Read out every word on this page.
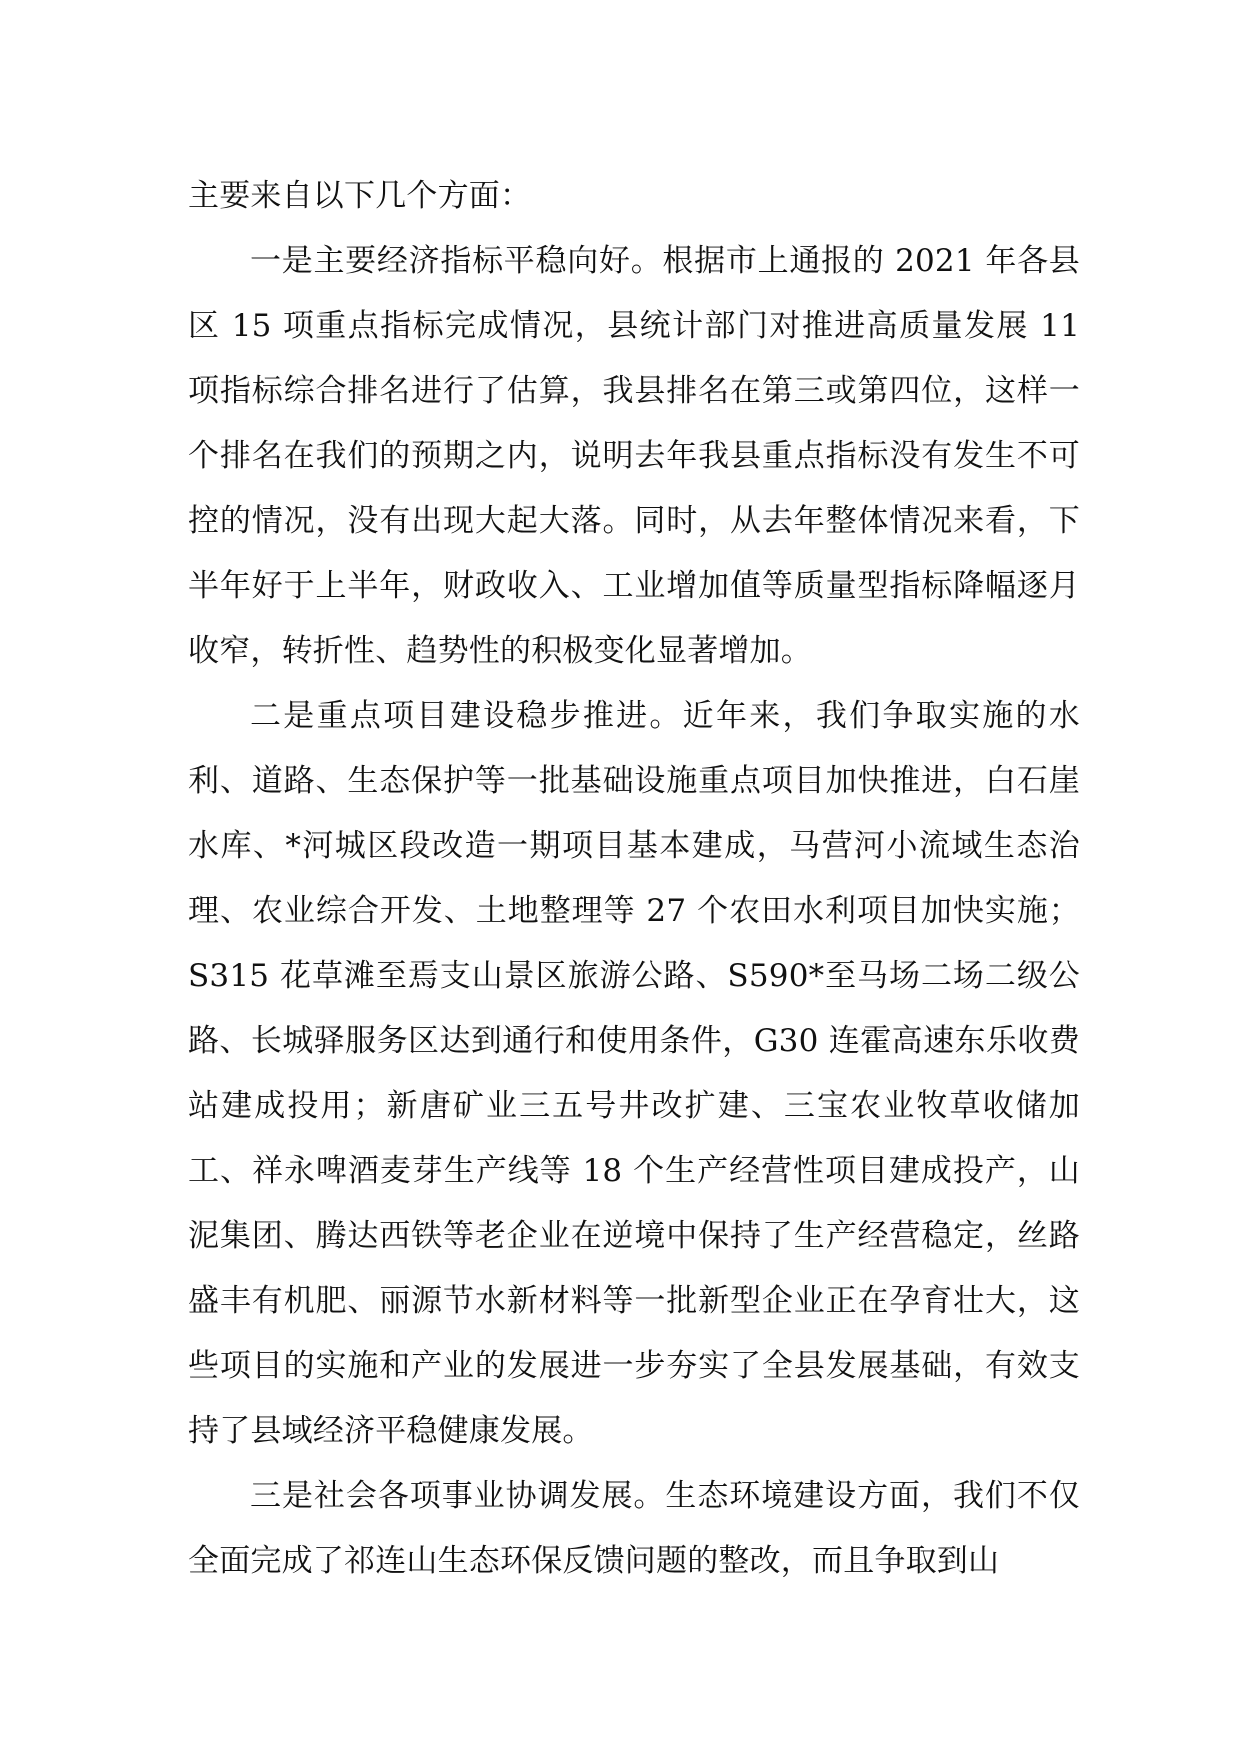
主要来自以下几个方面：

一是主要经济指标平稳向好。根据市上通报的 2021 年各县区 15 项重点指标完成情况，县统计部门对推进高质量发展 11 项指标综合排名进行了估算，我县排名在第三或第四位，这样一个排名在我们的预期之内，说明去年我县重点指标没有发生不可控的情况，没有出现大起大落。同时，从去年整体情况来看，下半年好于上半年，财政收入、工业增加值等质量型指标降幅逐月收窄，转折性、趋势性的积极变化显著增加。

二是重点项目建设稳步推进。近年来，我们争取实施的水利、道路、生态保护等一批基础设施重点项目加快推进，白石崖水库、*河城区段改造一期项目基本建成，马营河小流域生态治理、农业综合开发、土地整理等 27 个农田水利项目加快实施；S315 花草滩至焉支山景区旅游公路、S590*至马场二场二级公路、长城驿服务区达到通行和使用条件，G30 连霍高速东乐收费站建成投用；新唐矿业三五号井改扩建、三宝农业牧草收储加工、祥永啤酒麦芽生产线等 18 个生产经营性项目建成投产，山泥集团、腾达西铁等老企业在逆境中保持了生产经营稳定，丝路盛丰有机肥、丽源节水新材料等一批新型企业正在孕育壮大，这些项目的实施和产业的发展进一步夯实了全县发展基础，有效支持了县域经济平稳健康发展。

三是社会各项事业协调发展。生态环境建设方面，我们不仅全面完成了祁连山生态环保反馈问题的整改，而且争取到山
